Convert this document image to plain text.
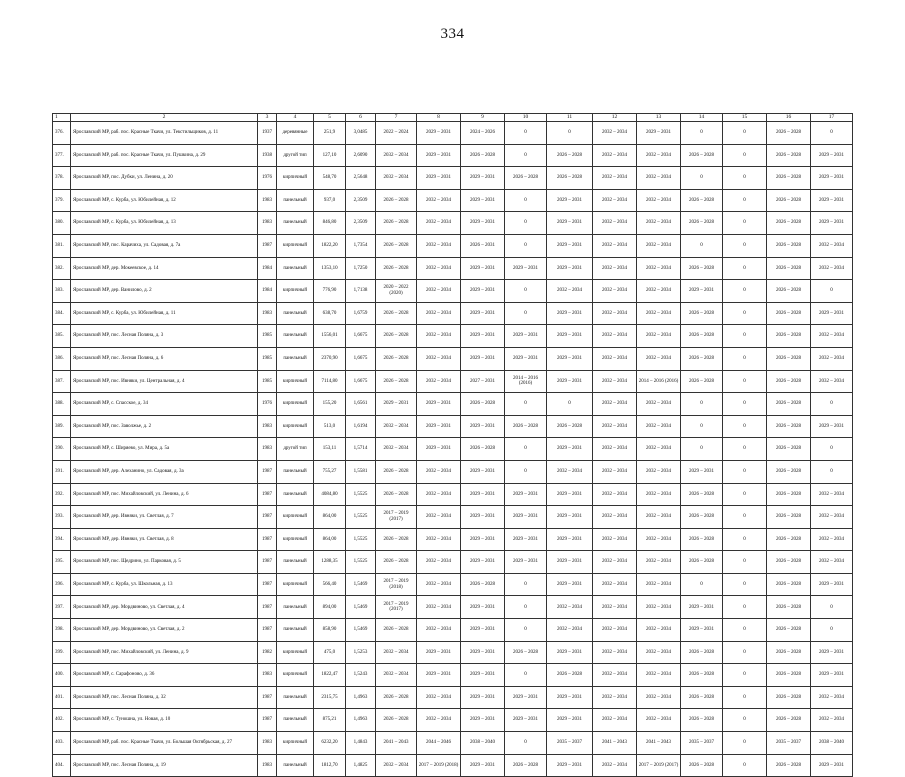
334
1	2	3	4	5	6	7	8	9	10	11	12	13	14	15	16	17
376.	Ярославский МР, раб. пос. Красные Ткачи, ул. Текстильщиков, д. 11	1937	деревянные	251,9	3,0485	2022 – 2024	2029 – 2031	2024 – 2026	0	0	2032 – 2034	2029 – 2031	0	0	2026 – 2028	0
377.	Ярославский МР, раб. пос. Красные Ткачи, ул. Пушкина, д. 29	1938	другой тип	127,10	2,6090	2032 – 2034	2029 – 2031	2026 – 2028	0	2026 – 2028	2032 – 2034	2032 – 2034	2026 – 2028	0	2026 – 2028	2029 – 2031
378.	Ярославский МР, пос. Дубки, ул. Ленина, д. 20	1976	кирпичный	548,70	2,5648	2032 – 2034	2029 – 2031	2029 – 2031	2026 – 2028	2026 – 2028	2032 – 2034	2032 – 2034	0	0	2026 – 2028	2029 – 2031
379.	Ярославский МР, с. Курба, ул. Юбилейная, д. 12	1983	панельный	937,0	2,3509	2026 – 2028	2032 – 2034	2029 – 2031	0	2029 – 2031	2032 – 2034	2032 – 2034	2026 – 2028	0	2026 – 2028	2029 – 2031
380.	Ярославский МР, с. Курба, ул. Юбилейная, д. 13	1983	панельный	846,80	2,3509	2026 – 2028	2032 – 2034	2029 – 2031	0	2029 – 2031	2032 – 2034	2032 – 2034	2026 – 2028	0	2026 – 2028	2029 – 2031
381.	Ярославский МР, пос. Карачиха, ул. Садовая, д. 7а	1987	кирпичный	1822,20	1,7354	2026 – 2028	2032 – 2034	2026 – 2031	0	2029 – 2031	2032 – 2034	2032 – 2034	0	0	2026 – 2028	2032 – 2034
382.	Ярославский МР, дер. Мокеевское, д. 14	1984	панельный	1353,10	1,7250	2026 – 2028	2032 – 2034	2029 – 2031	2029 – 2031	2029 – 2031	2032 – 2034	2032 – 2034	2026 – 2028	0	2026 – 2028	2032 – 2034
383.	Ярославский МР, дер. Ванилово, д. 2	1984	кирпичный	776,90	1,7138	2020 – 2022 (2020)	2032 – 2034	2029 – 2031	0	2032 – 2034	2032 – 2034	2032 – 2034	2029 – 2031	0	2026 – 2028	0
384.	Ярославский МР, с. Курба, ул. Юбилейная, д. 11	1983	панельный	638,70	1,6759	2026 – 2028	2032 – 2034	2029 – 2031	0	2029 – 2031	2032 – 2034	2032 – 2034	2026 – 2028	0	2026 – 2028	2029 – 2031
385.	Ярославский МР, пос. Лесная Поляна, д. 3	1985	панельный	1556,01	1,6675	2026 – 2028	2032 – 2034	2029 – 2031	2029 – 2031	2029 – 2031	2032 – 2034	2032 – 2034	2026 – 2028	0	2026 – 2028	2032 – 2034
386.	Ярославский МР, пос. Лесная Поляна, д. 6	1985	панельный	2370,90	1,6675	2026 – 2028	2032 – 2034	2029 – 2031	2029 – 2031	2029 – 2031	2032 – 2034	2032 – 2034	2026 – 2028	0	2026 – 2028	2032 – 2034
387.	Ярославский МР, пос. Ивняки, ул. Центральная, д. 4	1985	кирпичный	7114,80	1,6675	2026 – 2028	2032 – 2034	2027 – 2031	2014 – 2016 (2016)	2029 – 2031	2032 – 2034	2014 – 2016 (2016)	2026 – 2028	0	2026 – 2028	2032 – 2034
388.	Ярославский МР, с. Спасское, д. 34	1976	кирпичный	155,20	1,6561	2029 – 2031	2029 – 2031	2026 – 2028	0	0	2032 – 2034	2032 – 2034	0	0	2026 – 2028	0
389.	Ярославский МР, пос. Заволжье, д. 2	1983	кирпичный	513,0	1,6194	2032 – 2034	2029 – 2031	2029 – 2031	2026 – 2028	2026 – 2028	2032 – 2034	2032 – 2034	0	0	2026 – 2028	2029 – 2031
390.	Ярославский МР, с. Ширяево, ул. Мира, д. 5а	1983	другой тип	153,11	1,5714	2032 – 2034	2029 – 2031	2026 – 2028	0	2029 – 2031	2032 – 2034	2032 – 2034	0	0	2026 – 2028	0
391.	Ярославский МР, дер. Алеханино, ул. Садовая, д. 3а	1987	панельный	755,27	1,5581	2026 – 2028	2032 – 2034	2029 – 2031	0	2032 – 2034	2032 – 2034	2032 – 2034	2029 – 2031	0	2026 – 2028	0
392.	Ярославский МР, пос. Михайловский, ул. Ленина, д. 6	1987	панельный	4084,80	1,5525	2026 – 2028	2032 – 2034	2029 – 2031	2029 – 2031	2029 – 2031	2032 – 2034	2032 – 2034	2026 – 2028	0	2026 – 2028	2032 – 2034
393.	Ярославский МР, дер. Ивняки, ул. Светлая, д. 7	1987	кирпичный	864,00	1,5525	2017 – 2019 (2017)	2032 – 2034	2029 – 2031	2029 – 2031	2029 – 2031	2032 – 2034	2032 – 2034	2026 – 2028	0	2026 – 2028	2032 – 2034
394.	Ярославский МР, дер. Ивняки, ул. Светлая, д. 8	1987	кирпичный	864,00	1,5525	2026 – 2028	2032 – 2034	2029 – 2031	2029 – 2031	2029 – 2031	2032 – 2034	2032 – 2034	2026 – 2028	0	2026 – 2028	2032 – 2034
395.	Ярославский МР, пос. Щедрино, ул. Парковая, д. 5	1987	панельный	1288,35	1,5525	2026 – 2028	2032 – 2034	2029 – 2031	2029 – 2031	2029 – 2031	2032 – 2034	2032 – 2034	2026 – 2028	0	2026 – 2028	2032 – 2034
396.	Ярославский МР, с. Курба, ул. Школьная, д. 13	1987	кирпичный	566,40	1,5469	2017 – 2019 (2018)	2032 – 2034	2026 – 2028	0	2029 – 2031	2032 – 2034	2032 – 2034	0	0	2026 – 2028	2029 – 2031
397.	Ярославский МР, дер. Мордвиново, ул. Светлая, д. 4	1987	панельный	894,00	1,5469	2017 – 2019 (2017)	2032 – 2034	2029 – 2031	0	2032 – 2034	2032 – 2034	2032 – 2034	2029 – 2031	0	2026 – 2028	0
398.	Ярославский МР, дер. Мордвиново, ул. Светлая, д. 2	1987	панельный	858,90	1,5469	2026 – 2028	2032 – 2034	2029 – 2031	0	2032 – 2034	2032 – 2034	2032 – 2034	2029 – 2031	0	2026 – 2028	0
399.	Ярославский МР, пос. Михайловский, ул. Ленина, д. 9	1982	кирпичный	475,0	1,5253	2032 – 2034	2029 – 2031	2029 – 2031	2026 – 2028	2029 – 2031	2032 – 2034	2032 – 2034	2026 – 2028	0	2026 – 2028	2029 – 2031
400.	Ярославский МР, с. Сарафоново, д. 36	1983	кирпичный	1822,47	1,5243	2032 – 2034	2029 – 2031	2029 – 2031	0	2026 – 2028	2032 – 2034	2032 – 2034	2026 – 2028	0	2026 – 2028	2029 – 2031
401.	Ярославский МР, пос. Лесная Поляна, д. 32	1987	панельный	2315,75	1,4963	2026 – 2028	2032 – 2034	2029 – 2031	2029 – 2031	2029 – 2031	2032 – 2034	2032 – 2034	2026 – 2028	0	2026 – 2028	2032 – 2034
402.	Ярославский МР, с. Туношна, ул. Новая, д. 10	1987	панельный	875,21	1,4963	2026 – 2028	2032 – 2034	2029 – 2031	2029 – 2031	2029 – 2031	2032 – 2034	2032 – 2034	2026 – 2028	0	2026 – 2028	2032 – 2034
403.	Ярославский МР, раб. пос. Красные Ткачи, ул. Большая Октябрьская, д. 27	1983	кирпичный	6232,20	1,4843	2041 – 2043	2044 – 2046	2038 – 2040	0	2035 – 2037	2041 – 2043	2041 – 2043	2035 – 2037	0	2035 – 2037	2038 – 2040
404.	Ярославский МР, пос. Лесная Поляна, д. 19	1983	панельный	1812,70	1,4825	2032 – 2034	2017 – 2019 (2018)	2029 – 2031	2026 – 2028	2029 – 2031	2032 – 2034	2017 – 2019 (2017)	2026 – 2028	0	2026 – 2028	2029 – 2031
